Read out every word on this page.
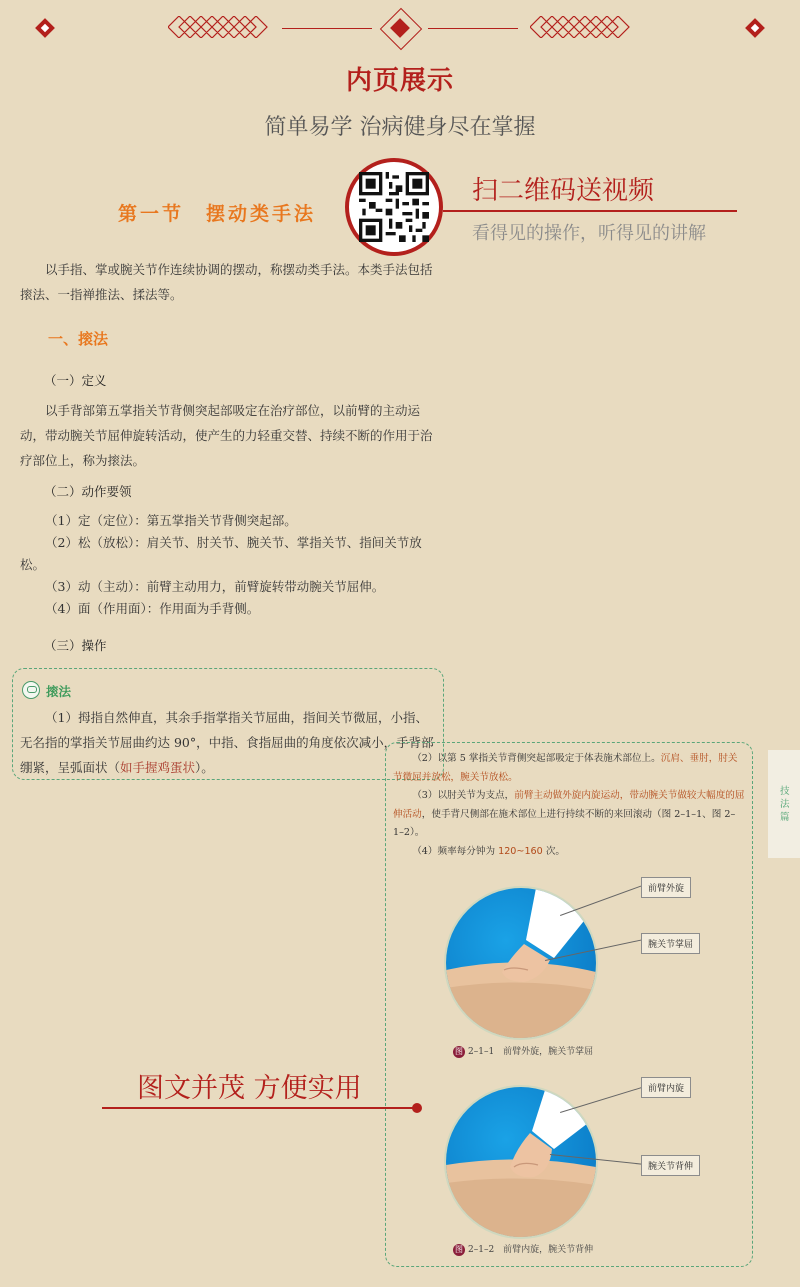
内页展示
简单易学 治病健身尽在掌握
第一节　摆动类手法
扫二维码送视频
看得见的操作，听得见的讲解
以手指、掌或腕关节作连续协调的摆动，称摆动类手法。本类手法包括㨰法、一指禅推法、揉法等。
一、㨰法
（一）定义
以手背部第五掌指关节背侧突起部吸定在治疗部位，以前臂的主动运动，带动腕关节屈伸旋转活动，使产生的力轻重交替、持续不断的作用于治疗部位上，称为㨰法。
（二）动作要领
（1）定（定位）：第五掌指关节背侧突起部。
（2）松（放松）：肩关节、肘关节、腕关节、掌指关节、指间关节放松。
（3）动（主动）：前臂主动用力，前臂旋转带动腕关节屈伸。
（4）面（作用面）：作用面为手背侧。
（三）操作
㨰法
（1）拇指自然伸直，其余手指掌指关节屈曲，指间关节微屈，小指、无名指的掌指关节屈曲约达 90°，中指、食指屈曲的角度依次减小，手背部绷紧，呈弧面状（如手握鸡蛋状）。
（2）以第 5 掌指关节背侧突起部吸定于体表施术部位上。沉肩、垂肘，肘关节微屈并放松，腕关节放松。
（3）以肘关节为支点，前臂主动做外旋内旋运动，带动腕关节做较大幅度的屈伸活动，使手背尺侧部在施术部位上进行持续不断的来回滚动（图 2–1–1、图 2–1–2）。
（4）频率每分钟为 120~160 次。
技法篇
前臂外旋
腕关节掌屈
图 2–1–1　前臂外旋，腕关节掌屈
图文并茂 方便实用	前臂内旋
腕关节背伸
图 2–1–2　前臂内旋，腕关节背伸
